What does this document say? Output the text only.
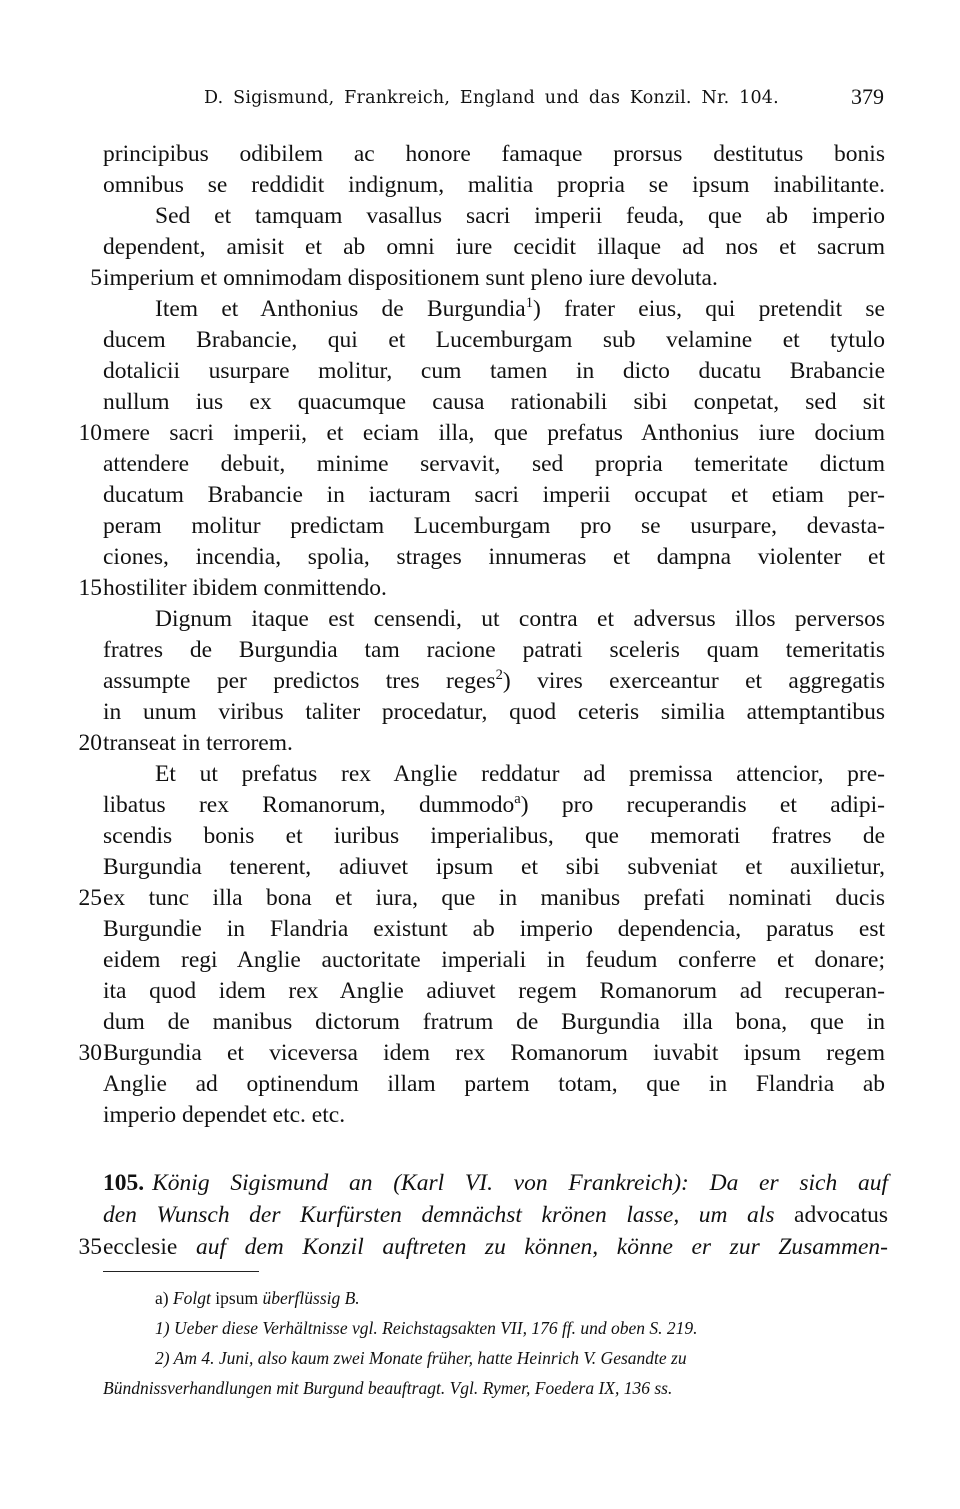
D. Sigismund, Frankreich, England und das Konzil. Nr. 104.	379
principibus odibilem ac honore famaque prorsus destitutus bonis
omnibus se reddidit indignum, malitia propria se ipsum inabilitante.
Sed et tamquam vasallus sacri imperii feuda, que ab imperio
dependent, amisit et ab omni iure cecidit illaque ad nos et sacrum
5 imperium et omnimodam dispositionem sunt pleno iure devoluta.
Item et Anthonius de Burgundia$^1$) frater eius, qui pretendit se
ducem Brabancie, qui et Lucemburgam sub velamine et tytulo
dotalicii usurpare molitur, cum tamen in dicto ducatu Brabancie
nullum ius ex quacumque causa rationabili sibi conpetat, sed sit
10 mere sacri imperii, et eciam illa, que prefatus Anthonius iure docium
attendere debuit, minime servavit, sed propria temeritate dictum
ducatum Brabancie in iacturam sacri imperii occupat et etiam per-
peram molitur predictam Lucemburgam pro se usurpare, devasta-
ciones, incendia, spolia, strages innumeras et dampna violenter et
15 hostiliter ibidem conmittendo.
Dignum itaque est censendi, ut contra et adversus illos perversos
fratres de Burgundia tam racione patrati sceleris quam temeritatis
assumpte per predictos tres reges$^2$) vires exerceantur et aggregatis
in unum viribus taliter procedatur, quod ceteris similia attemptantibus
20 transeat in terrorem.
Et ut prefatus rex Anglie reddatur ad premissa attencior, pre-
libatus rex Romanorum, dummodo$^a$) pro recuperandis et adipi-
scendis bonis et iuribus imperialibus, que memorati fratres de
Burgundia tenerent, adiuvet ipsum et sibi subveniat et auxilietur,
25 ex tunc illa bona et iura, que in manibus prefati nominati ducis
Burgundie in Flandria existunt ab imperio dependencia, paratus est
eidem regi Anglie auctoritate imperiali in feudum conferre et donare;
ita quod idem rex Anglie adiuvet regem Romanorum ad recuperan-
dum de manibus dictorum fratrum de Burgundia illa bona, que in
30 Burgundia et viceversa idem rex Romanorum iuvabit ipsum regem
Anglie ad optinendum illam partem totam, que in Flandria ab
imperio dependet etc. etc.
105. König Sigismund an (Karl VI. von Frankreich): Da er sich auf
den Wunsch der Kurfürsten demnächst krönen lasse, um als advocatus
35 ecclesie auf dem Konzil auftreten zu können, könne er zur Zusammen-
a) Folgt ipsum überflüssig B.
1) Ueber diese Verhältnisse vgl. Reichstagsakten VII, 176 ff. und oben S. 219.
2) Am 4. Juni, also kaum zwei Monate früher, hatte Heinrich V. Gesandte zu
Bündnissverhandlungen mit Burgund beauftragt. Vgl. Rymer, Foedera IX, 136 ss.
